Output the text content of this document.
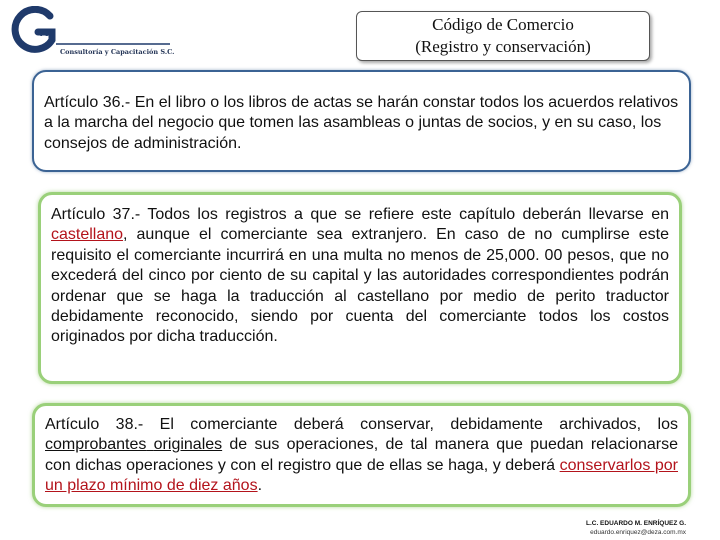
va
Consultoría y Capacitación S.C.
Código de Comercio
(Registro y conservación)
Artículo 36.- En el libro o los libros de actas se harán constar todos los acuerdos relativos a la marcha del negocio que tomen las asambleas o juntas de socios, y en su caso, los consejos de administración.
Artículo 37.- Todos los registros a que se refiere este capítulo deberán llevarse en castellano, aunque el comerciante sea extranjero. En caso de no cumplirse este requisito el comerciante incurrirá en una multa no menos de 25,000. 00 pesos, que no excederá del cinco por ciento de su capital y las autoridades correspondientes podrán ordenar que se haga la traducción al castellano por medio de perito traductor debidamente reconocido, siendo por cuenta del comerciante todos los costos originados por dicha traducción.
Artículo 38.- El comerciante deberá conservar, debidamente archivados, los comprobantes originales de sus operaciones, de tal manera que puedan relacionarse con dichas operaciones y con el registro que de ellas se haga, y deberá conservarlos por un plazo mínimo de diez años.
L.C. EDUARDO M. ENRÍQUEZ G.
eduardo.enriquez@deza.com.mx
